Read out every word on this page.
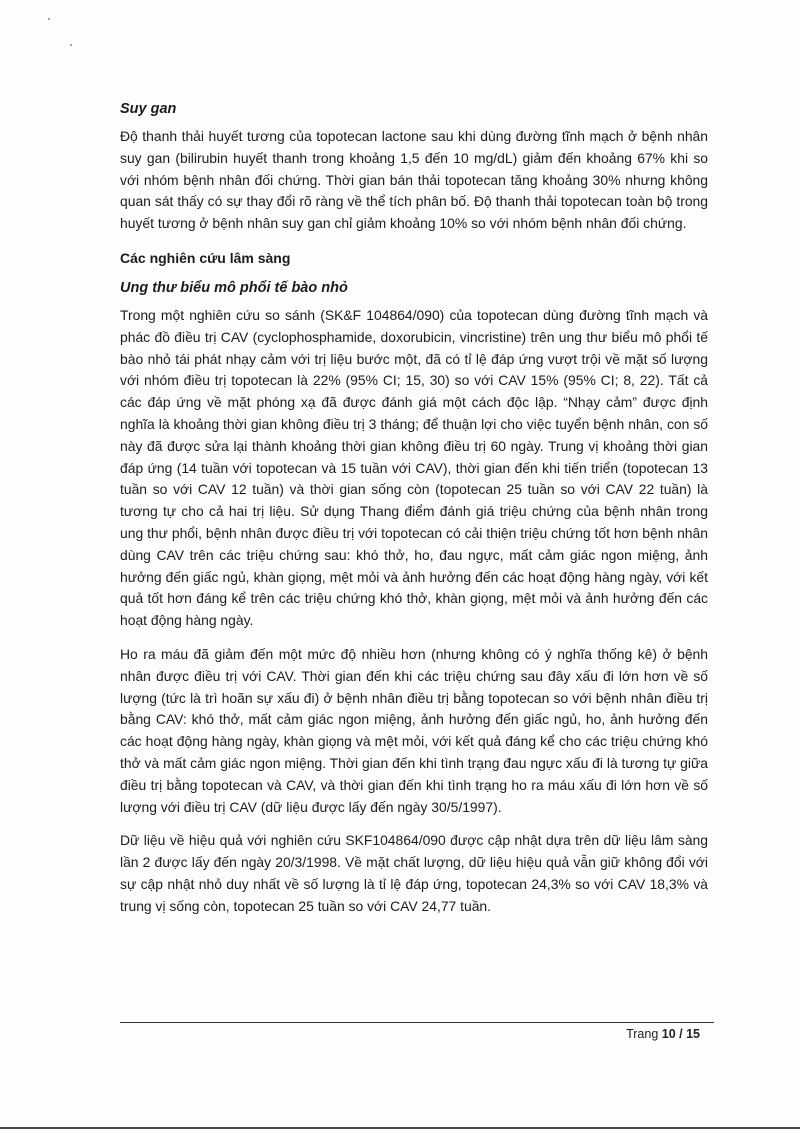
Suy gan

Độ thanh thải huyết tương của topotecan lactone sau khi dùng đường tĩnh mạch ở bệnh nhân suy gan (bilirubin huyết thanh trong khoảng 1,5 đến 10 mg/dL) giảm đến khoảng 67% khi so với nhóm bệnh nhân đối chứng. Thời gian bán thải topotecan tăng khoảng 30% nhưng không quan sát thấy có sự thay đổi rõ ràng về thể tích phân bố. Độ thanh thải topotecan toàn bộ trong huyết tương ở bệnh nhân suy gan chỉ giảm khoảng 10% so với nhóm bệnh nhân đối chứng.

Các nghiên cứu lâm sàng
Ung thư biểu mô phổi tế bào nhỏ

Trong một nghiên cứu so sánh (SK&F 104864/090) của topotecan dùng đường tĩnh mạch và phác đồ điều trị CAV (cyclophosphamide, doxorubicin, vincristine) trên ung thư biểu mô phổi tế bào nhỏ tái phát nhạy cảm với trị liệu bước một, đã có tỉ lệ đáp ứng vượt trội về mặt số lượng với nhóm điều trị topotecan là 22% (95% CI; 15, 30) so với CAV 15% (95% CI; 8, 22). Tất cả các đáp ứng về mặt phóng xạ đã được đánh giá một cách độc lập. “Nhạy cảm” được định nghĩa là khoảng thời gian không điều trị 3 tháng; để thuận lợi cho việc tuyển bệnh nhân, con số này đã được sửa lại thành khoảng thời gian không điều trị 60 ngày. Trung vị khoảng thời gian đáp ứng (14 tuần với topotecan và 15 tuần với CAV), thời gian đến khi tiến triển (topotecan 13 tuần so với CAV 12 tuần) và thời gian sống còn (topotecan 25 tuần so với CAV 22 tuần) là tương tự cho cả hai trị liệu. Sử dụng Thang điểm đánh giá triệu chứng của bệnh nhân trong ung thư phổi, bệnh nhân được điều trị với topotecan có cải thiện triệu chứng tốt hơn bệnh nhân dùng CAV trên các triệu chứng sau: khó thở, ho, đau ngực, mất cảm giác ngon miệng, ảnh hưởng đến giấc ngủ, khàn giọng, mệt mỏi và ảnh hưởng đến các hoạt động hàng ngày, với kết quả tốt hơn đáng kể trên các triệu chứng khó thở, khàn giọng, mệt mỏi và ảnh hưởng đến các hoạt động hàng ngày.

Ho ra máu đã giảm đến một mức độ nhiều hơn (nhưng không có ý nghĩa thống kê) ở bệnh nhân được điều trị với CAV. Thời gian đến khi các triệu chứng sau đây xấu đi lớn hơn về số lượng (tức là trì hoãn sự xấu đi) ở bệnh nhân điều trị bằng topotecan so với bệnh nhân điều trị bằng CAV: khó thở, mất cảm giác ngon miệng, ảnh hưởng đến giấc ngủ, ho, ảnh hưởng đến các hoạt động hàng ngày, khàn giọng và mệt mỏi, với kết quả đáng kể cho các triệu chứng khó thở và mất cảm giác ngon miệng. Thời gian đến khi tình trạng đau ngực xấu đi là tương tự giữa điều trị bằng topotecan và CAV, và thời gian đến khi tình trạng ho ra máu xấu đi lớn hơn về số lượng với điều trị CAV (dữ liệu được lấy đến ngày 30/5/1997).

Dữ liệu về hiệu quả với nghiên cứu SKF104864/090 được cập nhật dựa trên dữ liệu lâm sàng lần 2 được lấy đến ngày 20/3/1998. Về mặt chất lượng, dữ liệu hiệu quả vẫn giữ không đổi với sự cập nhật nhỏ duy nhất về số lượng là tỉ lệ đáp ứng, topotecan 24,3% so với CAV 18,3% và trung vị sống còn, topotecan 25 tuần so với CAV 24,77 tuần.

Trang 10 / 15
